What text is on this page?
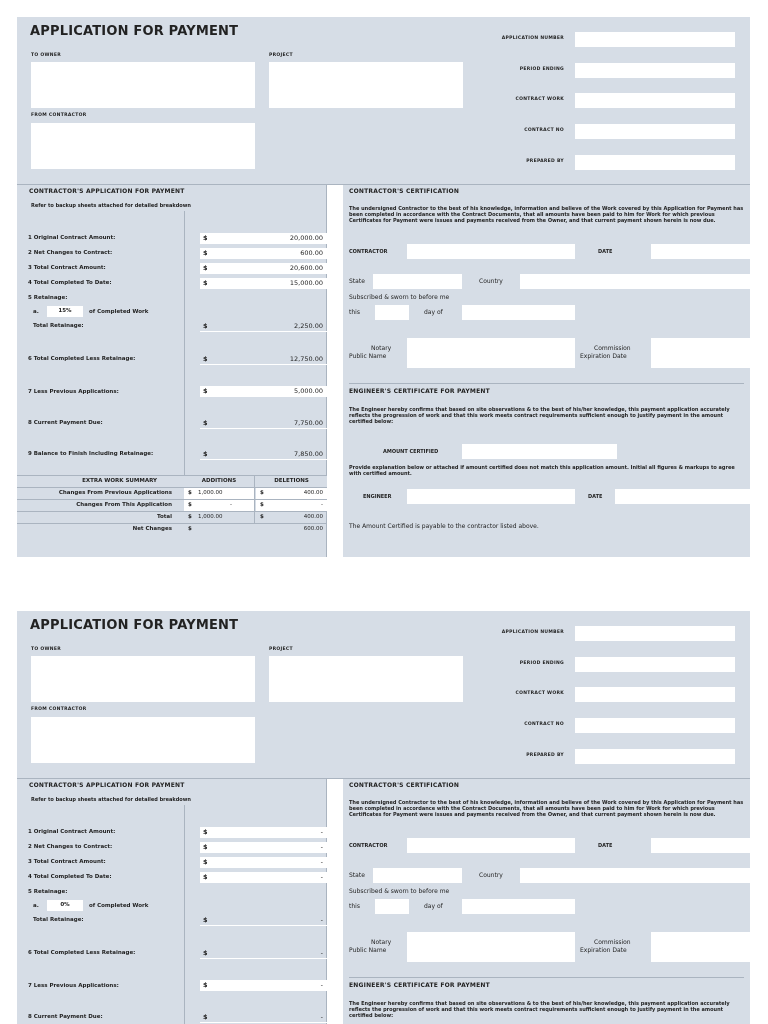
APPLICATION FOR PAYMENT
TO OWNER	PROJECT
FROM CONTRACTOR
APPLICATION NUMBER
PERIOD ENDING
CONTRACT WORK
CONTRACT NO
PREPARED BY
CONTRACTOR'S APPLICATION FOR PAYMENT
Refer to backup sheets attached for detailed breakdown
1 Original Contract Amount:	$	20,000.00
2 Net Changes to Contract:	$	600.00
3 Total Contract Amount:	$	20,600.00
4 Total Completed To Date:	$	15,000.00
5 Retainage:
a.	15%	of Completed Work
Total Retainage:	$	2,250.00
6 Total Completed Less Retainage:	$	12,750.00
7 Less Previous Applications:	$	5,000.00
8 Current Payment Due:	$	7,750.00
9 Balance to Finish Including Retainage:	$	7,850.00
EXTRA WORK SUMMARY	ADDITIONS	DELETIONS
Changes From Previous Applications	$ 1,000.00	$	400.00
Changes From This Application	$	-	$	-
Total	$ 1,000.00	$	400.00
Net Changes	$	600.00
CONTRACTOR'S CERTIFICATION
The undersigned Contractor to the best of his knowledge, information and believe of the Work covered by this Application for Payment has been completed in accordance with the Contract Documents, that all amounts have been paid to him for Work for which previous Certificates for Payment were issues and payments received from the Owner, and that current payment shown herein is now due.
CONTRACTOR	DATE
State	Country
Subscribed & sworn to before me
this	day of
Notary
Public Name
Commission
Expiration Date
ENGINEER'S CERTIFICATE FOR PAYMENT
The Engineer hereby confirms that based on site observations & to the best of his/her knowledge, this payment application accurately reflects the progression of work and that this work meets contract requirements sufficient enough to justify payment in the amount certified below:
AMOUNT CERTIFIED
Provide explanation below or attached if amount certified does not match this application amount. Initial all figures & markups to agree with certified amount.
ENGINEER	DATE
The Amount Certified is payable to the contractor listed above.
APPLICATION FOR PAYMENT
TO OWNER	PROJECT
FROM CONTRACTOR
APPLICATION NUMBER
PERIOD ENDING
CONTRACT WORK
CONTRACT NO
PREPARED BY
CONTRACTOR'S APPLICATION FOR PAYMENT
Refer to backup sheets attached for detailed breakdown
1 Original Contract Amount:	$	-
2 Net Changes to Contract:	$	-
3 Total Contract Amount:	$	-
4 Total Completed To Date:	$	-
5 Retainage:
a.	0%	of Completed Work
Total Retainage:	$	-
6 Total Completed Less Retainage:	$	-
7 Less Previous Applications:	$	-
8 Current Payment Due:	$	-
CONTRACTOR'S CERTIFICATION
The undersigned Contractor to the best of his knowledge, information and believe of the Work covered by this Application for Payment has been completed in accordance with the Contract Documents, that all amounts have been paid to him for Work for which previous Certificates for Payment were issues and payments received from the Owner, and that current payment shown herein is now due.
CONTRACTOR	DATE
State	Country
Subscribed & sworn to before me
this	day of
Notary
Public Name
Commission
Expiration Date
ENGINEER'S CERTIFICATE FOR PAYMENT
The Engineer hereby confirms that based on site observations & to the best of his/her knowledge, this payment application accurately reflects the progression of work and that this work meets contract requirements sufficient enough to justify payment in the amount certified below:
